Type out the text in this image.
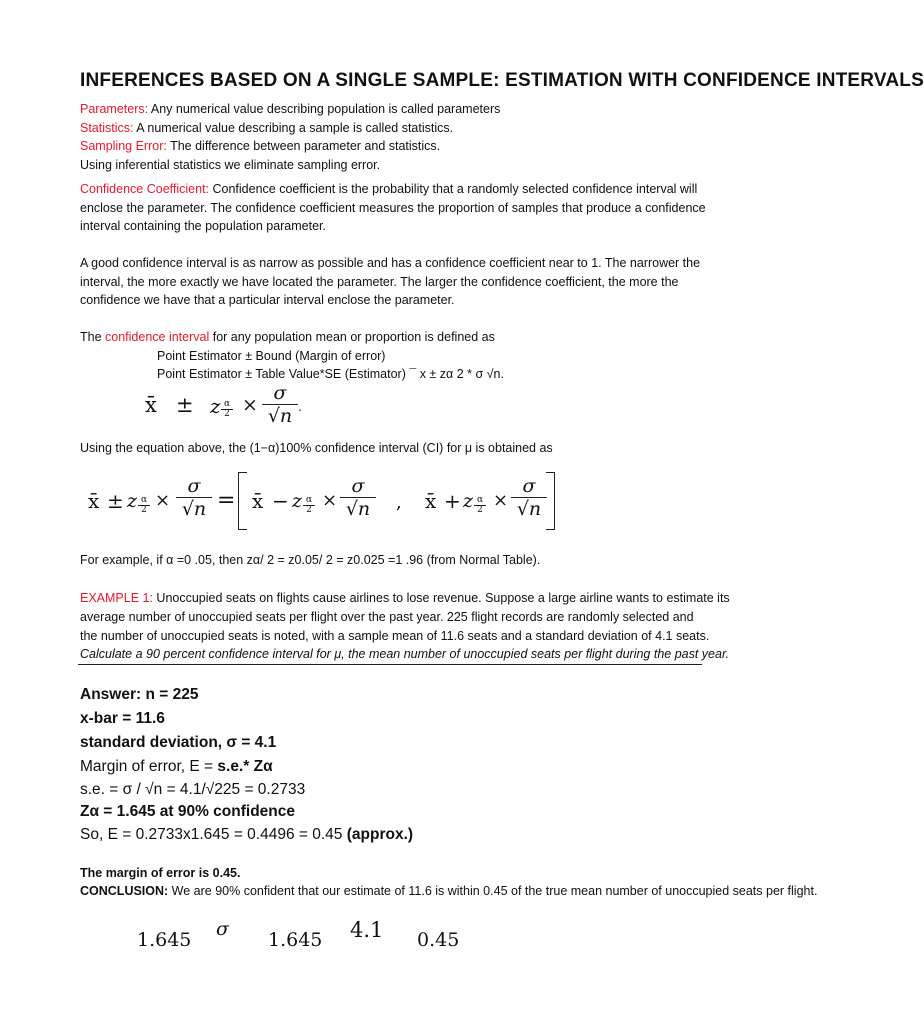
INFERENCES BASED ON A SINGLE SAMPLE: ESTIMATION WITH CONFIDENCE INTERVALS
Parameters: Any numerical value describing population is called parameters
Statistics: A numerical value describing a sample is called statistics.
Sampling Error: The difference between parameter and statistics.
Using inferential statistics we eliminate sampling error.
Confidence Coefficient: Confidence coefficient is the probability that a randomly selected confidence interval will
enclose the parameter. The confidence coefficient measures the proportion of samples that produce a confidence
interval containing the population parameter.
A good confidence interval is as narrow as possible and has a confidence coefficient near to 1. The narrower the
interval, the more exactly we have located the parameter. The larger the confidence coefficient, the more the
confidence we have that a particular interval enclose the parameter.
The confidence interval for any population mean or proportion is defined as
Point Estimator ± Bound (Margin of error)
Point Estimator ± Table Value*SE (Estimator) ¯ x ± zα 2 * σ √n.
x̄ ± z α
2 ×
σ
√n .
Using the equation above, the (1−α)100% confidence interval (CI) for μ is obtained as
x̄ ± z α
2 ×
σ
√n = x̄ − z α
2 ×
σ
√n	, x̄ + z α
2 ×
σ
√n
For example, if α =0 .05, then zα/ 2 = z0.05/ 2 = z0.025 =1 .96 (from Normal Table).
EXAMPLE 1: Unoccupied seats on flights cause airlines to lose revenue. Suppose a large airline wants to estimate its
average number of unoccupied seats per flight over the past year. 225 flight records are randomly selected and
the number of unoccupied seats is noted, with a sample mean of 11.6 seats and a standard deviation of 4.1 seats.
Calculate a 90 percent confidence interval for μ, the mean number of unoccupied seats per flight during the past year.
Answer: n = 225
x-bar = 11.6
standard deviation, σ = 4.1
Margin of error, E = s.e.* Zα
s.e. = σ / √n = 4.1/√225 = 0.2733
Zα = 1.645 at 90% confidence
So, E = 0.2733x1.645 = 0.4496 = 0.45 (approx.)
The margin of error is 0.45.
CONCLUSION: We are 90% confident that our estimate of 11.6 is within 0.45 of the true mean number of unoccupied seats per flight.
1.645 σ 1.645 4.1 0.45
